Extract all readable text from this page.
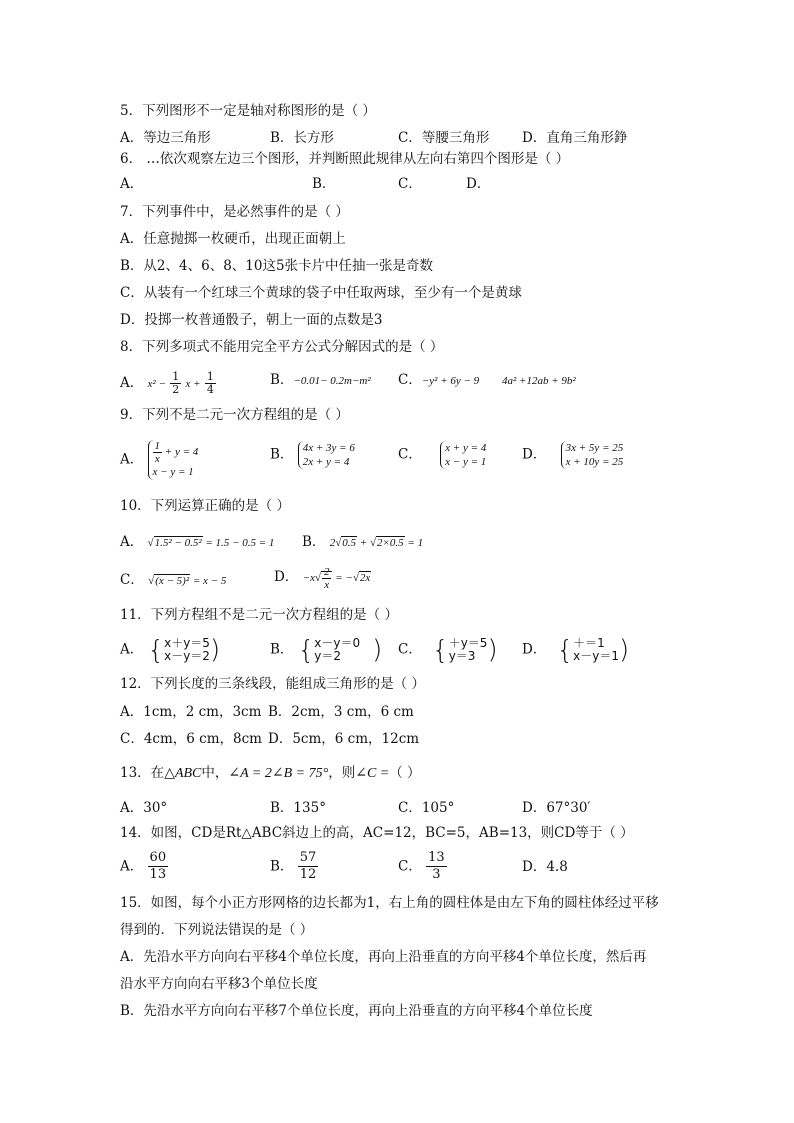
5．下列图形不一定是轴对称图形的是（ ）
A．等边三角形	B．长方形	C．等腰三角形 D．直角三角形錚
6． …依次观察左边三个图形，并判断照此规律从左向右第四个图形是（ ）
A．	B．	C．	D．
7．下列事件中，是必然事件的是（ ）
A．任意抛掷一枚硬币，出现正面朝上
B．从2、4、6、8、10这5张卡片中任抽一张是奇数
C．从装有一个红球三个黄球的袋子中任取两球，至少有一个是黄球
D．投掷一枚普通骰子，朝上一面的点数是3
8．下列多项式不能用完全平方公式分解因式的是（ ）
A． $x^2 - \frac{1}{2}$ $x + \frac{1}{4}$	B．−0.01− 0.2m−m² C．−y² + 6y − 9 4a² +12ab + 9b²
9．下列不是二元一次方程组的是（ ）
A． $\frac{1}{x} + y = 4$
x − y = 1
B． 4x + 3y = 6
2x + y = 4	C． x + y = 4
x − y = 1	D． 3x + 5y = 25
x + 10y = 25
10．下列运算正确的是（ ）
A． √1.5² − 0.5² = 1.5 − 0.5 = 1 B． 2√0.5 + √2×0.5 = 1
C． √(x − 5)² = x − 5	D． $-x√ \frac{2}{x} = -√2x$
11．下列方程组不是二元一次方程组的是（ ）
A． {x＋y＝5
x－y＝2)	B． {x－y＝0
y＝2 ) C． {＋y＝5
y＝3 ) D． {＋＝1
x－y＝1)
12．下列长度的三条线段，能组成三角形的是（ ）
A．1cm，2 cm，3cm B．2cm，3 cm，6 cm
C．4cm，6 cm，8cm D．5cm，6 cm，12cm
13．在△ABC中，∠A = 2∠B = 75°，则∠C =（ ）
A．30°	B．135°	C．105°	D．67°30′
14．如图，CD是Rt△ABC斜边上的高，AC=12，BC=5，AB=13，则CD等于（ ）
A． $\frac{60}{13}$	B． $\frac{57}{12}$	C． $\frac{13}{3}$	D．4.8
15．如图，每个小正方形网格的边长都为1，右上角的圆柱体是由左下角的圆柱体经过平移
得到的．下列说法错误的是（ ）
A．先沿水平方向向右平移4个单位长度，再向上沿垂直的方向平移4个单位长度，然后再
沿水平方向向右平移3个单位长度
B．先沿水平方向向右平移7个单位长度，再向上沿垂直的方向平移4个单位长度
